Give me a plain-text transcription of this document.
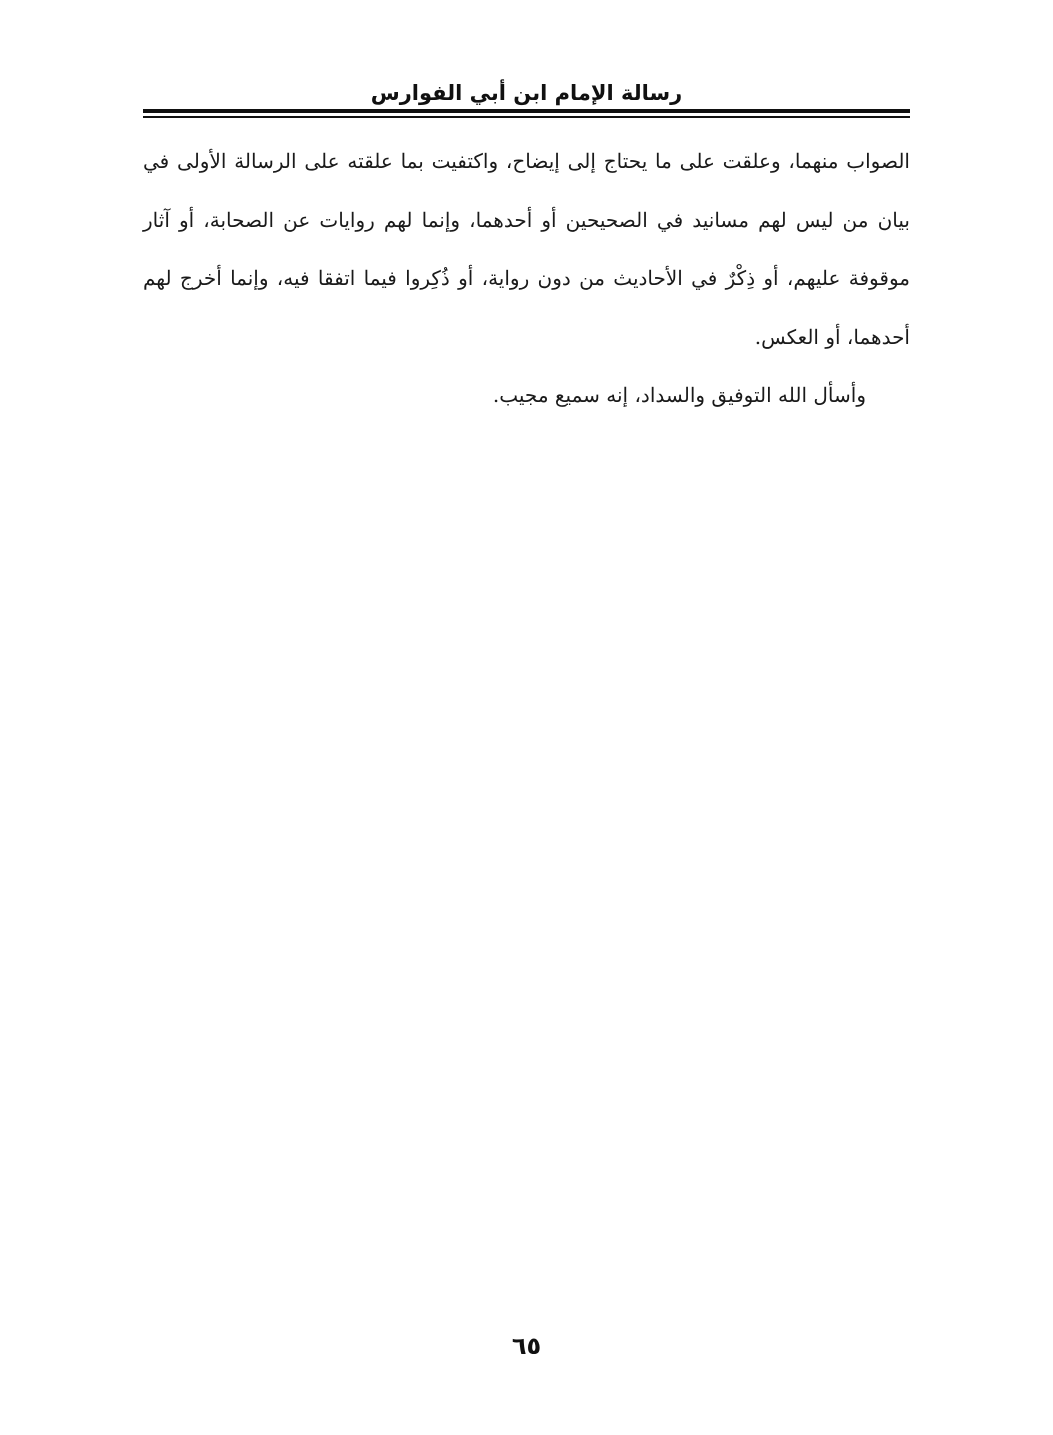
رسالة الإمام ابن أبي الفوارس

الصواب منهما، وعلقت على ما يحتاج إلى إيضاح، واكتفيت بما علقته على الرسالة الأولى في بيان من ليس لهم مسانيد في الصحيحين أو أحدهما، وإنما لهم روايات عن الصحابة، أو آثار موقوفة عليهم، أو ذِكْرٌ في الأحاديث من دون رواية، أو ذُكِروا فيما اتفقا فيه، وإنما أخرج لهم أحدهما، أو العكس.

وأسأل الله التوفيق والسداد، إنه سميع مجيب.

٦٥
